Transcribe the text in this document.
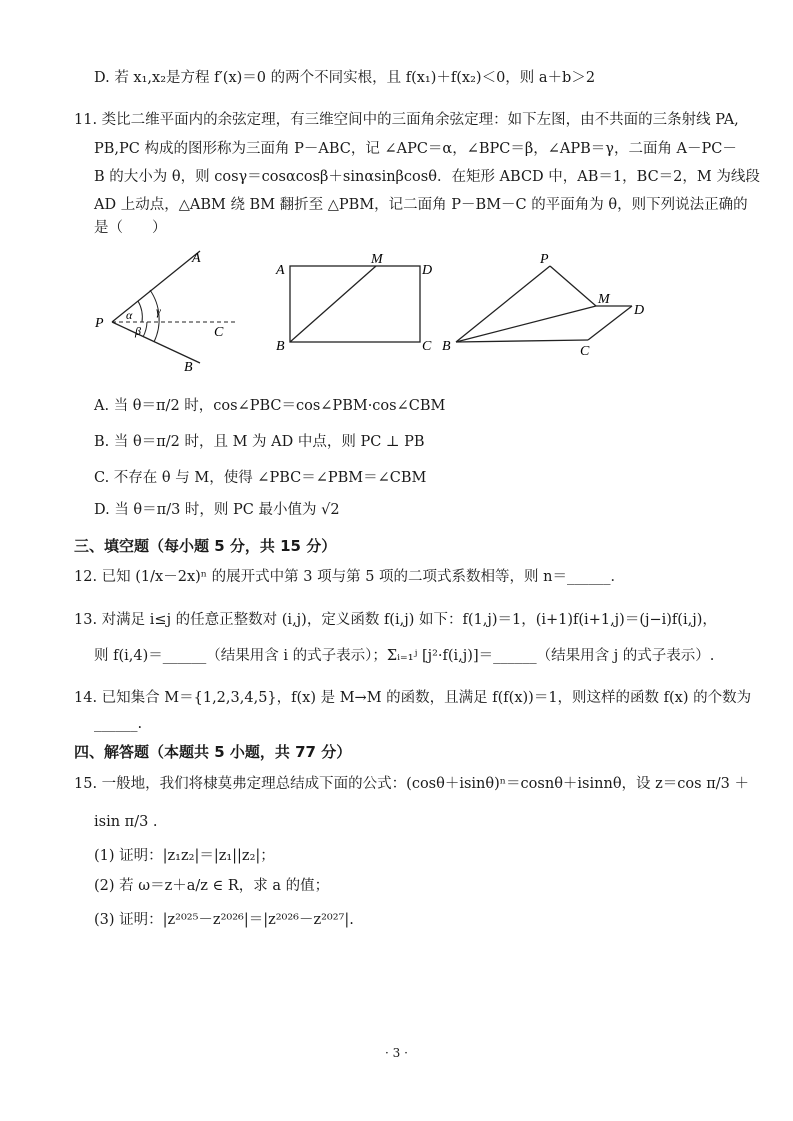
D. 若 x₁,x₂是方程 f′(x)＝0 的两个不同实根，且 f(x₁)＋f(x₂)＜0，则 a＋b＞2
11. 类比二维平面内的余弦定理，有三维空间中的三面角余弦定理：如下左图，由不共面的三条射线 PA,
PB,PC 构成的图形称为三面角 P－ABC，记 ∠APC＝α，∠BPC＝β，∠APB＝γ，二面角 A－PC－
B 的大小为 θ，则 cosγ＝cosαcosβ＋sinαsinβcosθ．在矩形 ABCD 中，AB＝1，BC＝2，M 为线段
AD 上动点，△ABM 绕 BM 翻折至 △PBM，记二面角 P－BM－C 的平面角为 θ，则下列说法正确的
是（　　）
A
P
C
B
α
β
γ
A
M
D
B	C
P
M
D
B	C
A. 当 θ＝π/2 时，cos∠PBC＝cos∠PBM·cos∠CBM
B. 当 θ＝π/2 时，且 M 为 AD 中点，则 PC ⊥ PB
C. 不存在 θ 与 M，使得 ∠PBC＝∠PBM＝∠CBM
D. 当 θ＝π/3 时，则 PC 最小值为 √2
三、填空题（每小题 5 分，共 15 分）
12. 已知 (1/x－2x)ⁿ 的展开式中第 3 项与第 5 项的二项式系数相等，则 n＝______．
13. 对满足 i≤j 的任意正整数对 (i,j)，定义函数 f(i,j) 如下：f(1,j)＝1，(i+1)f(i+1,j)＝(j−i)f(i,j)，
则 f(i,4)＝______（结果用含 i 的式子表示）；Σᵢ₌₁ʲ [j²·f(i,j)]＝______（结果用含 j 的式子表示）.
14. 已知集合 M＝{1,2,3,4,5}，f(x) 是 M→M 的函数，且满足 f(f(x))＝1，则这样的函数 f(x) 的个数为
______.
四、解答题（本题共 5 小题，共 77 分）
15. 一般地，我们将棣莫弗定理总结成下面的公式：(cosθ＋isinθ)ⁿ＝cosnθ＋isinnθ，设 z＝cos π/3 ＋
isin π/3 .
(1) 证明：|z₁z₂|＝|z₁||z₂|；
(2) 若 ω＝z＋a/z ∈ R，求 a 的值；
(3) 证明：|z²⁰²⁵－z²⁰²⁶|＝|z²⁰²⁶－z²⁰²⁷|.
· 3 ·
